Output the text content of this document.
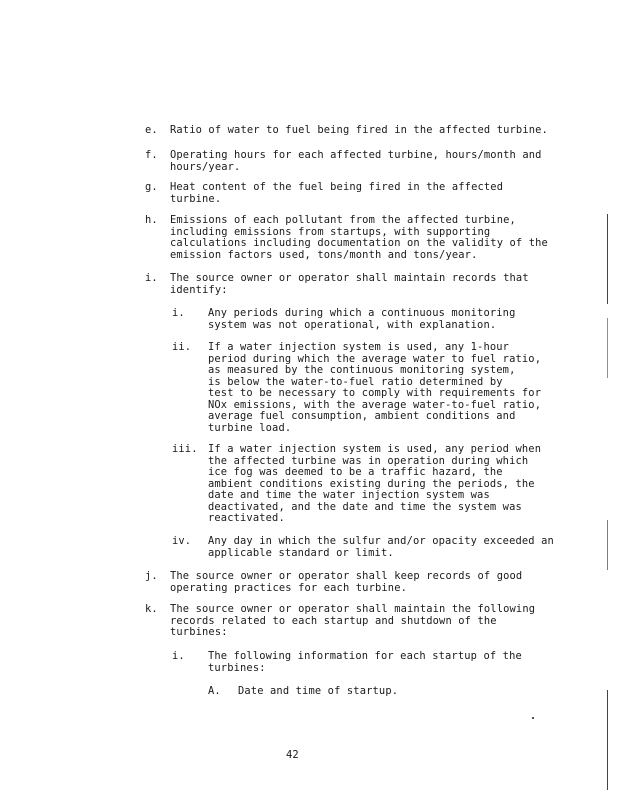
e. Ratio of water to fuel being fired in the affected turbine.
f. Operating hours for each affected turbine, hours/month and
hours/year.
g. Heat content of the fuel being fired in the affected
turbine.
h. Emissions of each pollutant from the affected turbine,
including emissions from startups, with supporting
calculations including documentation on the validity of the
emission factors used, tons/month and tons/year.
i. The source owner or operator shall maintain records that
identify:
i. Any periods during which a continuous monitoring
system was not operational, with explanation.
ii. If a water injection system is used, any 1-hour
period during which the average water to fuel ratio,
as measured by the continuous monitoring system,
is below the water-to-fuel ratio determined by
test to be necessary to comply with requirements for
NOx emissions, with the average water-to-fuel ratio,
average fuel consumption, ambient conditions and
turbine load.
iii. If a water injection system is used, any period when
the affected turbine was in operation during which
ice fog was deemed to be a traffic hazard, the
ambient conditions existing during the periods, the
date and time the water injection system was
deactivated, and the date and time the system was
reactivated.
iv. Any day in which the sulfur and/or opacity exceeded an
applicable standard or limit.
j. The source owner or operator shall keep records of good
operating practices for each turbine.
k. The source owner or operator shall maintain the following
records related to each startup and shutdown of the
turbines:
i. The following information for each startup of the
turbines:
A. Date and time of startup.
42
